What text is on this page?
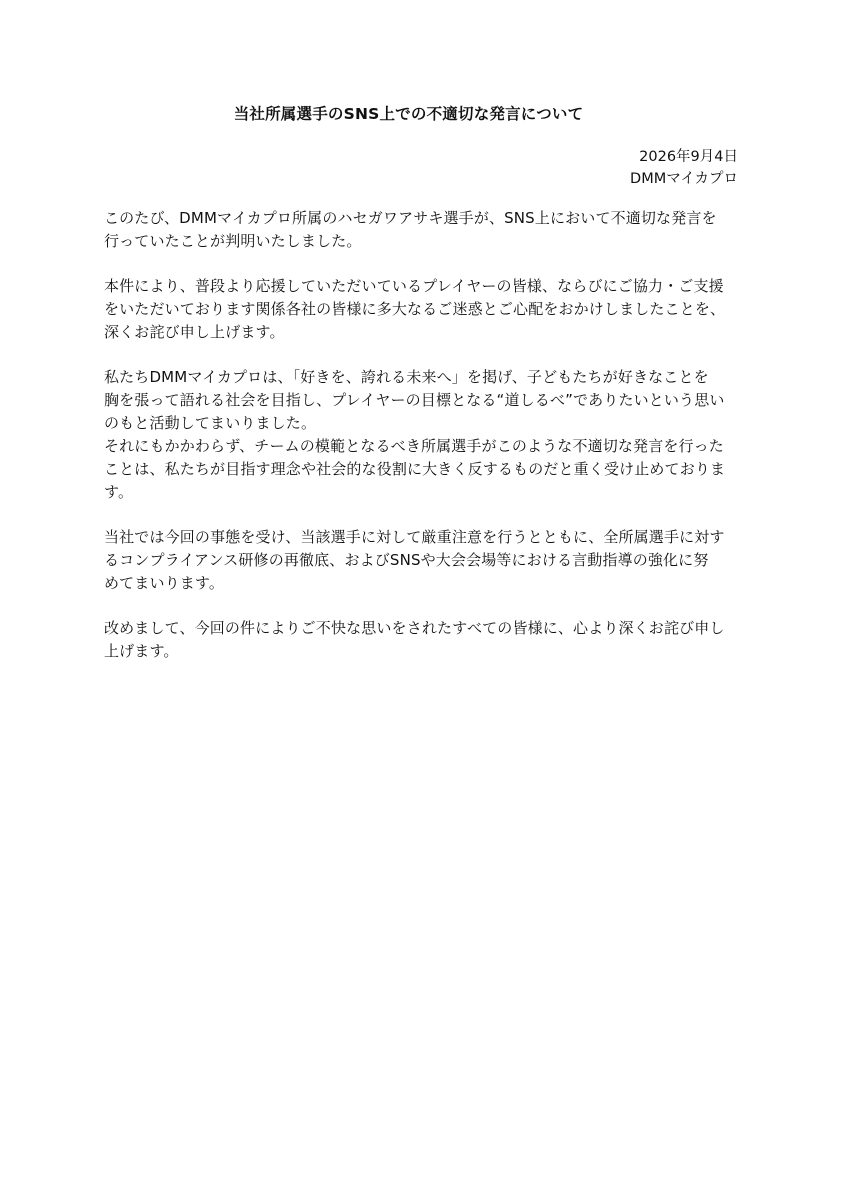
当社所属選手のSNS上での不適切な発言について
2026年9月4日
DMMマイカプロ
このたび、DMMマイカプロ所属のハセガワアサキ選手が、SNS上において不適切な発言を
行っていたことが判明いたしました。
本件により、普段より応援していただいているプレイヤーの皆様、ならびにご協力・ご支援
をいただいております関係各社の皆様に多大なるご迷惑とご心配をおかけしましたことを、
深くお詫び申し上げます。
私たちDMMマイカプロは、「好きを、誇れる未来へ」を掲げ、子どもたちが好きなことを
胸を張って語れる社会を目指し、プレイヤーの目標となる“道しるべ”でありたいという思い
のもと活動してまいりました。
それにもかかわらず、チームの模範となるべき所属選手がこのような不適切な発言を行った
ことは、私たちが目指す理念や社会的な役割に大きく反するものだと重く受け止めておりま
す。
当社では今回の事態を受け、当該選手に対して厳重注意を行うとともに、全所属選手に対す
るコンプライアンス研修の再徹底、およびSNSや大会会場等における言動指導の強化に努
めてまいります。
改めまして、今回の件によりご不快な思いをされたすべての皆様に、心より深くお詫び申し
上げます。
